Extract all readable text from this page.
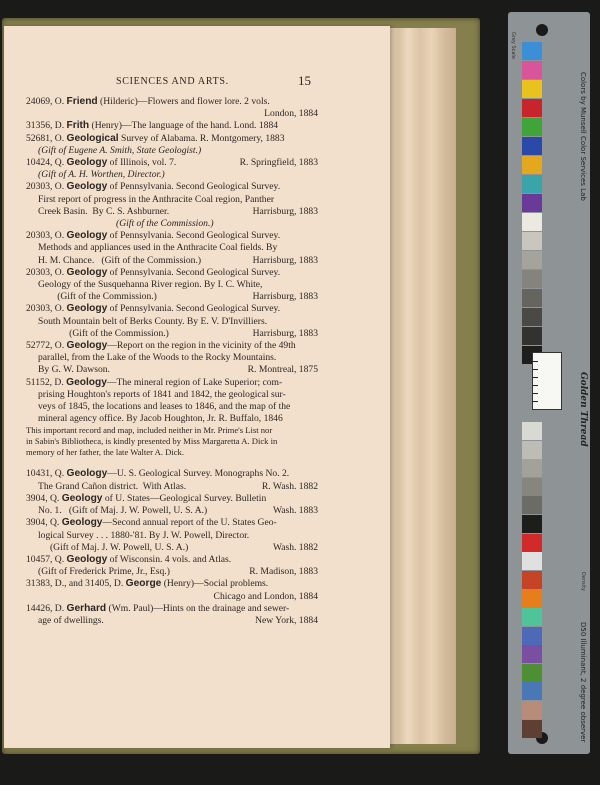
SCIENCES AND ARTS.	15
24069, O. Friend (Hilderic)—Flowers and flower lore. 2 vols.
London, 1884
31356, D. Frith (Henry)—The language of the hand. Lond. 1884
52681, O. Geological Survey of Alabama. R. Montgomery, 1883
(Gift of Eugene A. Smith, State Geologist.)
10424, Q. Geology of Illinois, vol. 7.	R. Springfield, 1883
(Gift of A. H. Worthen, Director.)
20303, O. Geology of Pennsylvania. Second Geological Survey.
First report of progress in the Anthracite Coal region, Panther
Creek Basin.  By C. S. Ashburner.	Harrisburg, 1883
(Gift of the Commission.)
20303, O. Geology of Pennsylvania. Second Geological Survey.
Methods and appliances used in the Anthracite Coal fields. By
H. M. Chance.   (Gift of the Commission.)	Harrisburg, 1883
20303, O. Geology of Pennsylvania. Second Geological Survey.
Geology of the Susquehanna River region. By I. C. White,
(Gift of the Commission.)	Harrisburg, 1883
20303, O. Geology of Pennsylvania. Second Geological Survey.
South Mountain belt of Berks County. By E. V. D'Invilliers.
(Gift of the Commission.)	Harrisburg, 1883
52772, O. Geology—Report on the region in the vicinity of the 49th
parallel, from the Lake of the Woods to the Rocky Mountains.
By G. W. Dawson.	R. Montreal, 1875
51152, D. Geology—The mineral region of Lake Superior; com-
prising Houghton's reports of 1841 and 1842, the geological sur-
veys of 1845, the locations and leases to 1846, and the map of the
mineral agency office. By Jacob Houghton, Jr. R. Buffalo, 1846
This important record and map, included neither in Mr. Prime's List nor
in Sabin's Bibliotheca, is kindly presented by Miss Margaretta A. Dick in
memory of her father, the late Walter A. Dick.
10431, Q. Geology—U. S. Geological Survey. Monographs No. 2.
The Grand Cañon district.  With Atlas.	R. Wash. 1882
3904, Q. Geology of U. States—Geological Survey. Bulletin
No. 1.   (Gift of Maj. J. W. Powell, U. S. A.)	Wash. 1883
3904, Q. Geology—Second annual report of the U. States Geo-
logical Survey . . . 1880-'81. By J. W. Powell, Director.
(Gift of Maj. J. W. Powell, U. S. A.)	Wash. 1882
10457, Q. Geology of Wisconsin. 4 vols. and Atlas.
(Gift of Frederick Prime, Jr., Esq.)	R. Madison, 1883
31383, D., and 31405, D. George (Henry)—Social problems.
Chicago and London, 1884
14426, D. Gerhard (Wm. Paul)—Hints on the drainage and sewer-
age of dwellings.	New York, 1884
Colors by Munsell Color Services Lab
Golden Thread
Density
D50 Illuminant, 2 degree observer
Grey Scale
